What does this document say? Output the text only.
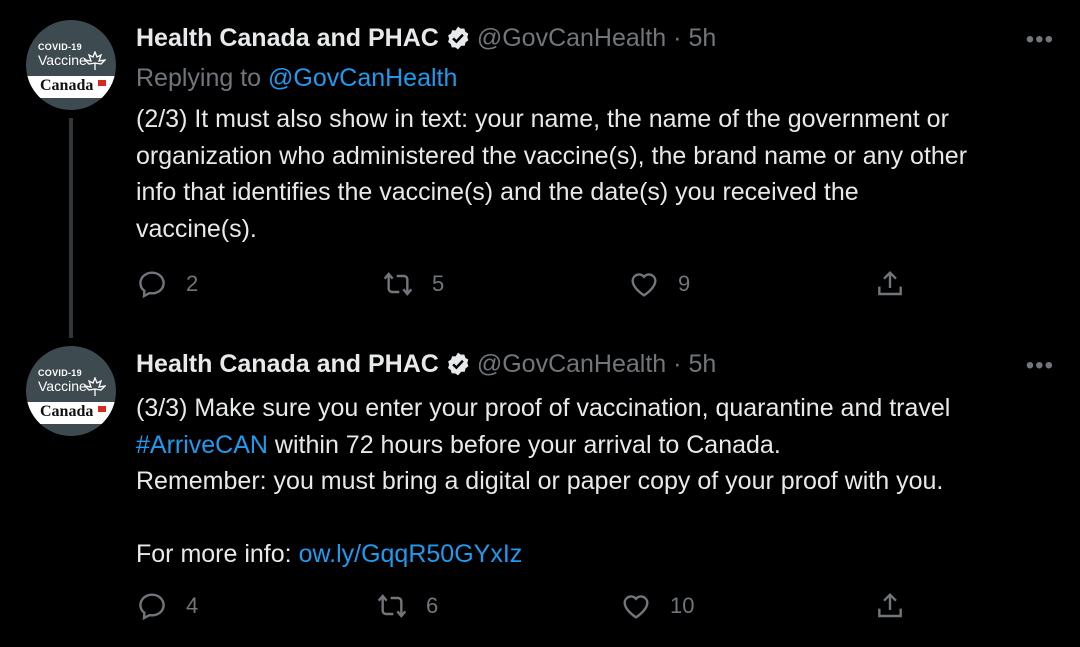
COVID-19
Vaccine
Canada
Health Canada and PHAC @GovCanHealth · 5h	•••
Replying to @GovCanHealth
(2/3) It must also show in text: your name, the name of the government or
organization who administered the vaccine(s), the brand name or any other
info that identifies the vaccine(s) and the date(s) you received the
vaccine(s).
2	5	9
COVID-19
Vaccine
Canada
Health Canada and PHAC @GovCanHealth · 5h	•••
(3/3) Make sure you enter your proof of vaccination, quarantine and travel
#ArriveCAN within 72 hours before your arrival to Canada.
Remember: you must bring a digital or paper copy of your proof with you.
For more info: ow.ly/GqqR50GYxIz
4	6	10
